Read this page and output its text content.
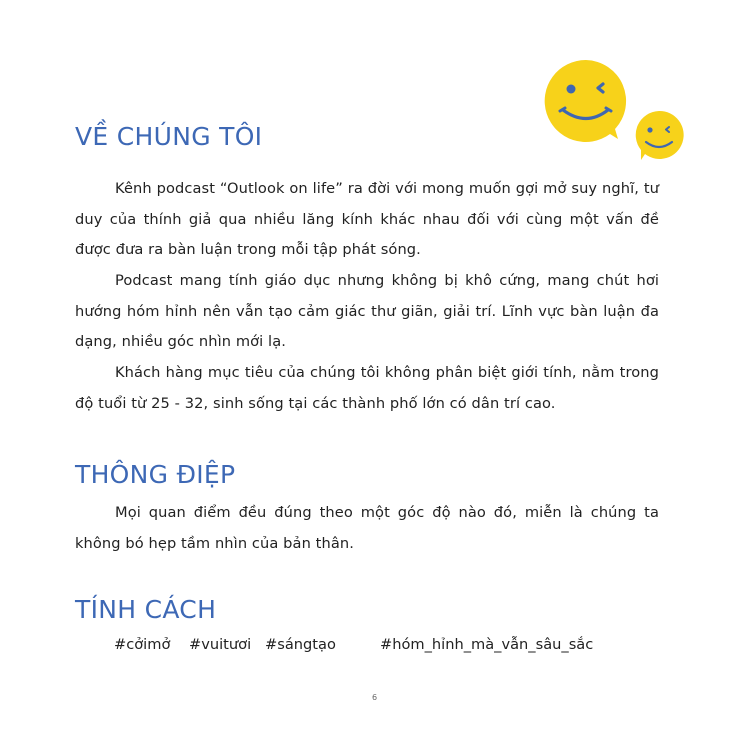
VỀ CHÚNG TÔI

Kênh podcast “Outlook on life” ra đời với mong muốn gợi mở suy nghĩ, tư duy của thính giả qua nhiều lăng kính khác nhau đối với cùng một vấn đề được đưa ra bàn luận trong mỗi tập phát sóng.

Podcast mang tính giáo dục nhưng không bị khô cứng, mang chút hơi hướng hóm hỉnh nên vẫn tạo cảm giác thư giãn, giải trí. Lĩnh vực bàn luận đa dạng, nhiều góc nhìn mới lạ.

Khách hàng mục tiêu của chúng tôi không phân biệt giới tính, nằm trong độ tuổi từ 25 - 32, sinh sống tại các thành phố lớn có dân trí cao.

THÔNG ĐIỆP

Mọi quan điểm đều đúng theo một góc độ nào đó, miễn là chúng ta không bó hẹp tầm nhìn của bản thân.

TÍNH CÁCH
#cởimở #vuitươi #sángtạo	#hóm_hỉnh_mà_vẫn_sâu_sắc
6
